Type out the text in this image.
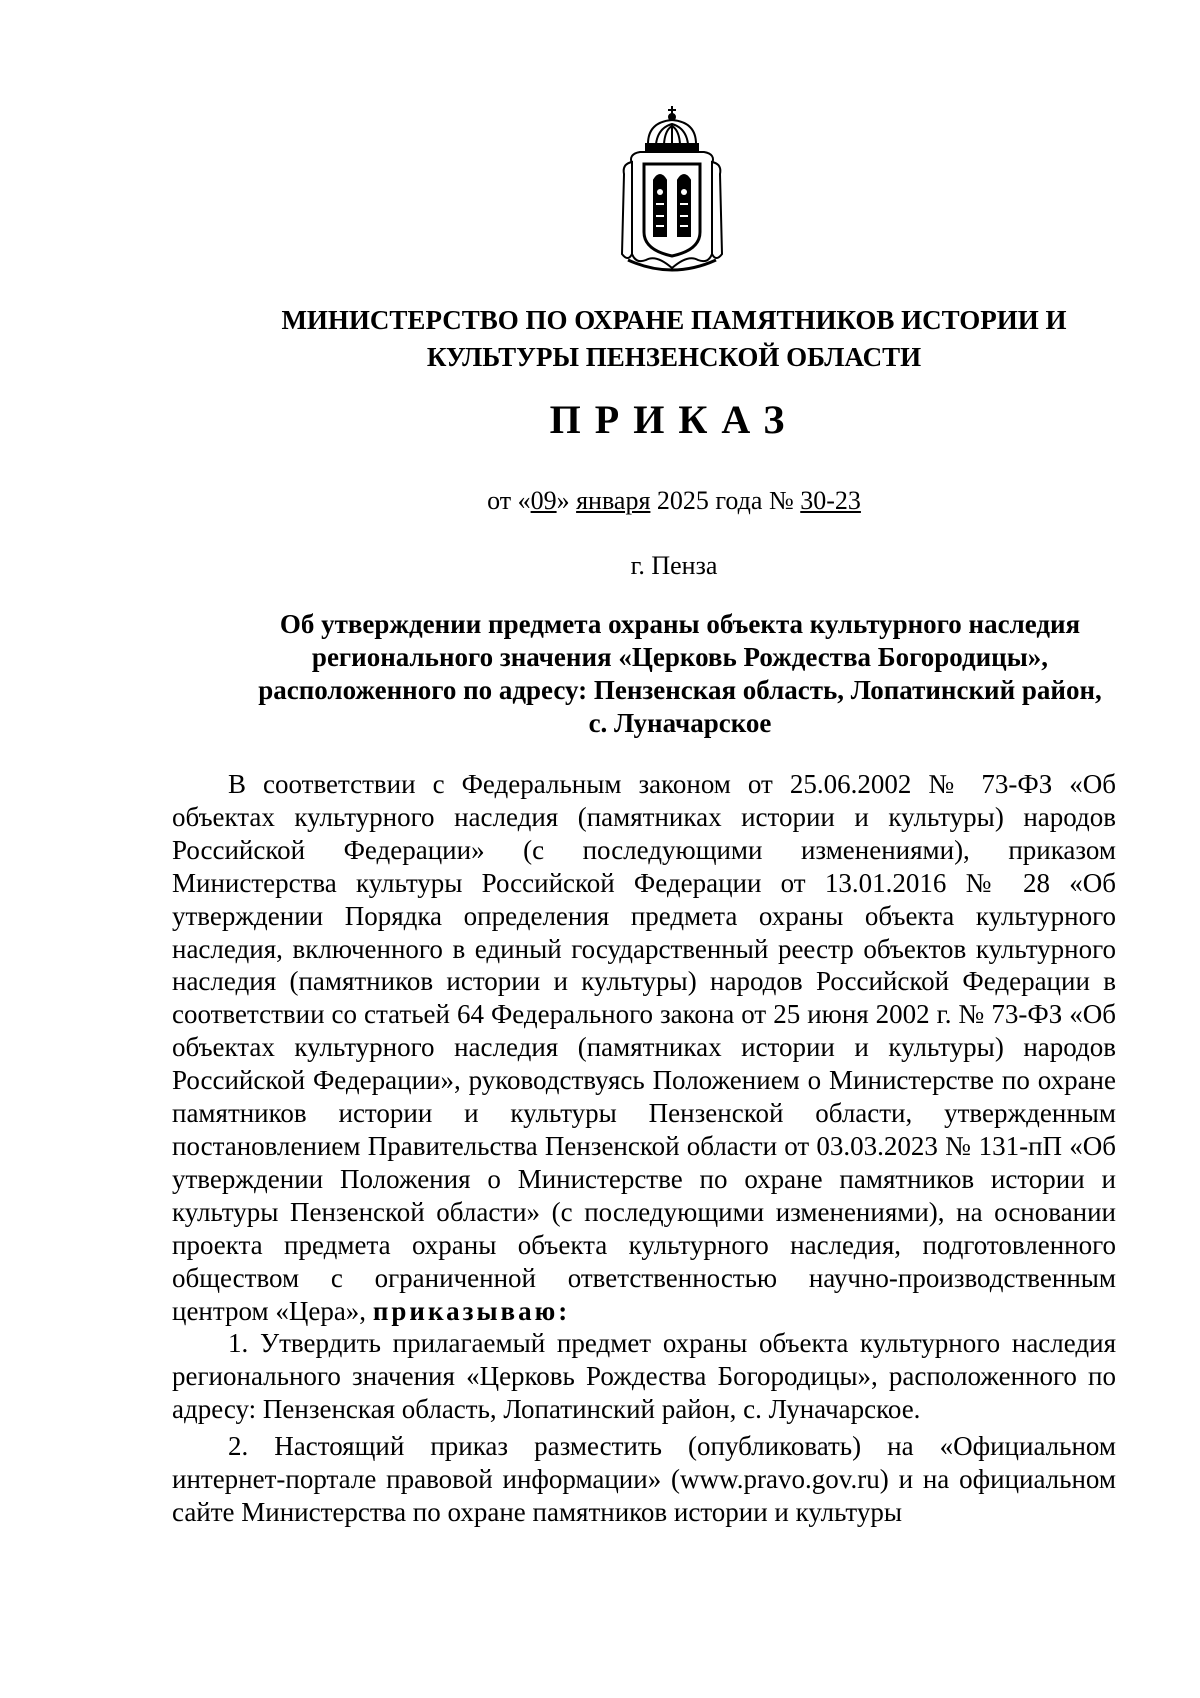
МИНИСТЕРСТВО ПО ОХРАНЕ ПАМЯТНИКОВ ИСТОРИИ И
КУЛЬТУРЫ ПЕНЗЕНСКОЙ ОБЛАСТИ
ПРИКАЗ
от «09» января 2025 года № 30-23
г. Пенза
Об утверждении предмета охраны объекта культурного наследия
регионального значения «Церковь Рождества Богородицы»,
расположенного по адресу: Пензенская область, Лопатинский район,
с. Луначарское

В соответствии с Федеральным законом от 25.06.2002 № 73-ФЗ «Об объектах культурного наследия (памятниках истории и культуры) народов Российской Федерации» (с последующими изменениями), приказом Министерства культуры Российской Федерации от 13.01.2016 № 28 «Об утверждении Порядка определения предмета охраны объекта культурного наследия, включенного в единый государственный реестр объектов культурного наследия (памятников истории и культуры) народов Российской Федерации в соответствии со статьей 64 Федерального закона от 25 июня 2002 г. № 73-ФЗ «Об объектах культурного наследия (памятниках истории и культуры) народов Российской Федерации», руководствуясь Положением о Министерстве по охране памятников истории и культуры Пензенской области, утвержденным постановлением Правительства Пензенской области от 03.03.2023 № 131-пП «Об утверждении Положения о Министерстве по охране памятников истории и культуры Пензенской области» (с последующими изменениями), на основании проекта предмета охраны объекта культурного наследия, подготовленного обществом с ограниченной ответственностью научно-производственным центром «Цера», приказываю:

1. Утвердить прилагаемый предмет охраны объекта культурного наследия регионального значения «Церковь Рождества Богородицы», расположенного по адресу: Пензенская область, Лопатинский район, с. Луначарское.

2. Настоящий приказ разместить (опубликовать) на «Официальном интернет-портале правовой информации» (www.pravo.gov.ru) и на официальном сайте Министерства по охране памятников истории и культуры
